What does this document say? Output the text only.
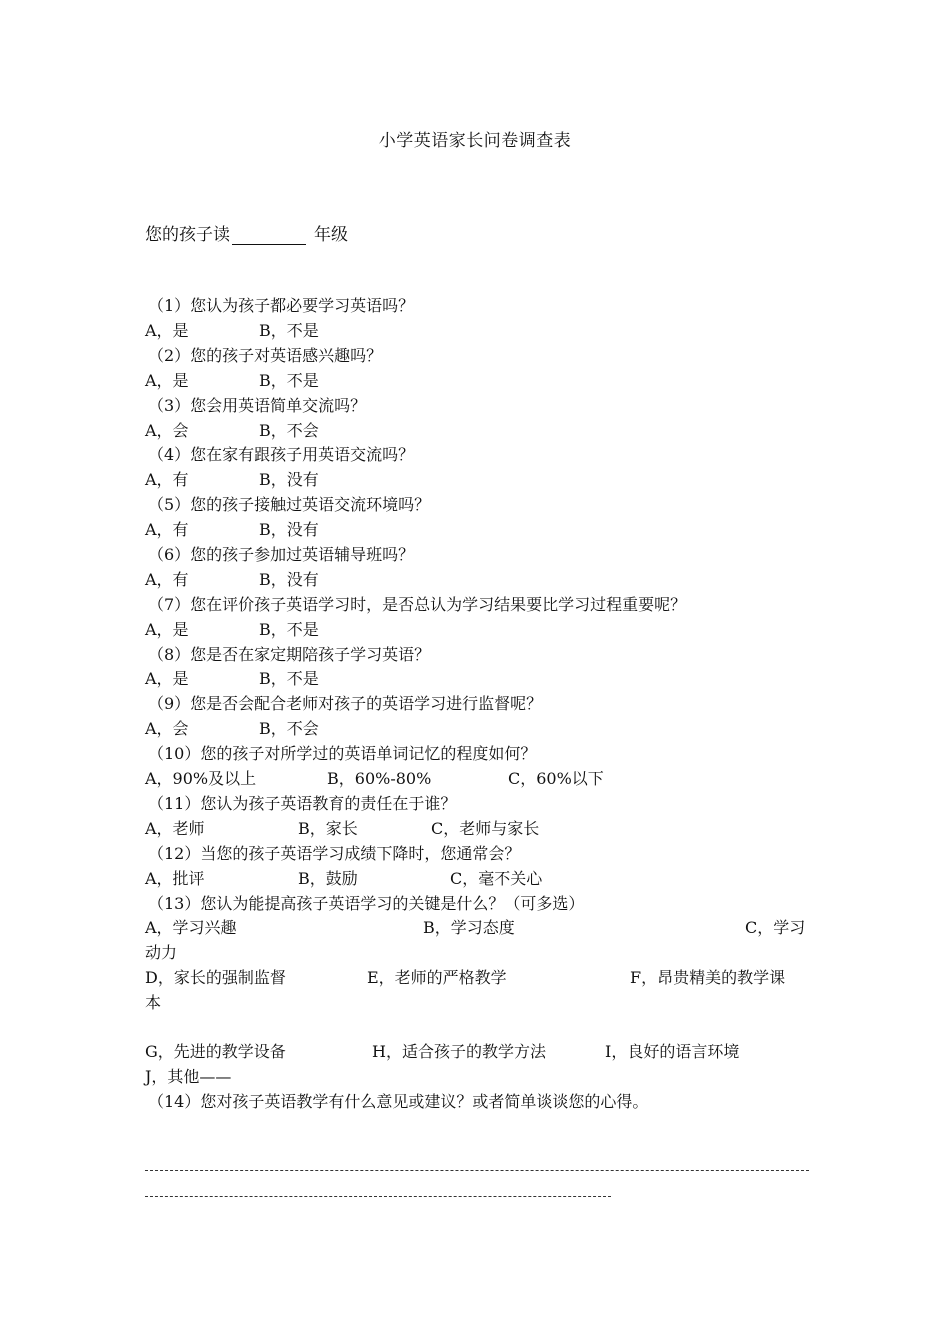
小学英语家长问卷调查表
您的孩子读	年级
（1）您认为孩子都必要学习英语吗？
A，是	B，不是
（2）您的孩子对英语感兴趣吗？
A，是	B，不是
（3）您会用英语简单交流吗？
A，会	B，不会
（4）您在家有跟孩子用英语交流吗？
A，有	B，没有
（5）您的孩子接触过英语交流环境吗？
A，有	B，没有
（6）您的孩子参加过英语辅导班吗？
A，有	B，没有
（7）您在评价孩子英语学习时，是否总认为学习结果要比学习过程重要呢？
A，是	B，不是
（8）您是否在家定期陪孩子学习英语？
A，是	B，不是
（9）您是否会配合老师对孩子的英语学习进行监督呢？
A，会	B，不会
（10）您的孩子对所学过的英语单词记忆的程度如何？
A，90%及以上	B，60%-80%	C，60%以下
（11）您认为孩子英语教育的责任在于谁？
A，老师	B，家长	C，老师与家长
（12）当您的孩子英语学习成绩下降时，您通常会？
A，批评	B，鼓励	C，毫不关心
（13）您认为能提高孩子英语学习的关键是什么？（可多选）
A，学习兴趣	B，学习态度	C，学习
动力
D，家长的强制监督	E，老师的严格教学	F，昂贵精美的教学课
本
G，先进的教学设备	H，适合孩子的教学方法	I，良好的语言环境
J，其他——
（14）您对孩子英语教学有什么意见或建议？或者简单谈谈您的心得。
